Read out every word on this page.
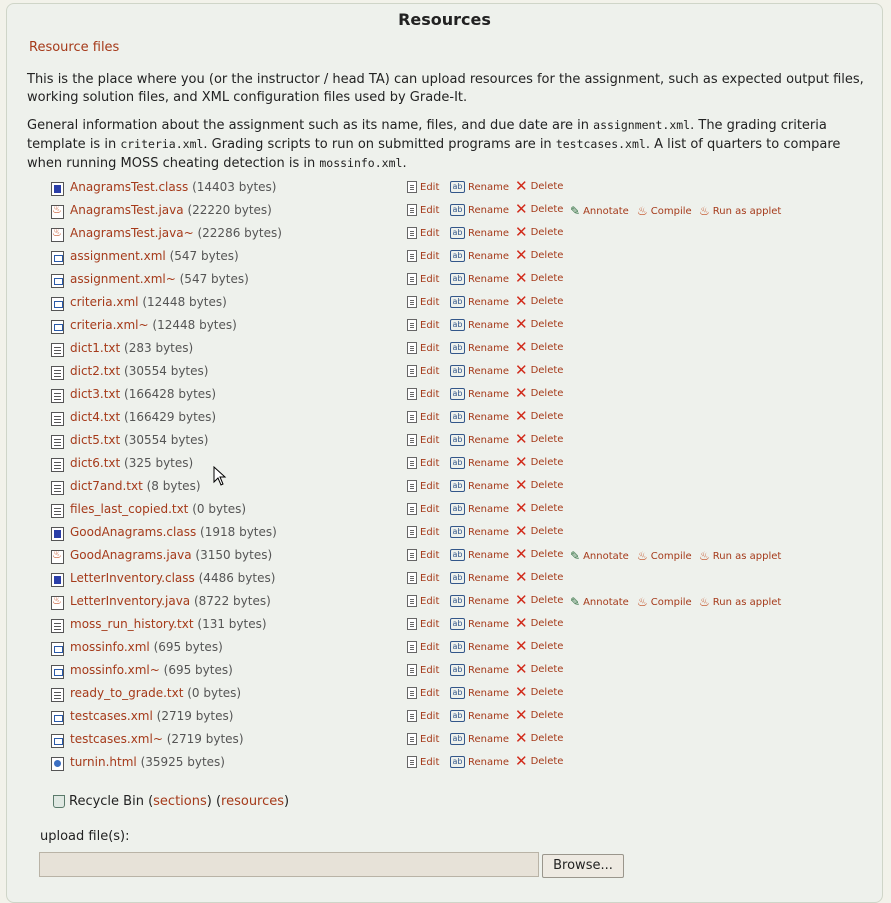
Resources
Resource files
This is the place where you (or the instructor / head TA) can upload resources for the assignment, such as expected output files, working solution files, and XML configuration files used by Grade-It.
General information about the assignment such as its name, files, and due date are in assignment.xml. The grading criteria template is in criteria.xml. Grading scripts to run on submitted programs are in testcases.xml. A list of quarters to compare when running MOSS cheating detection is in mossinfo.xml.
AnagramsTest.class (14403 bytes)	Edit	ab Rename ✕ Delete
♨
AnagramsTest.java (22220 bytes)	Edit	ab Rename ✕ Delete ✎ Annotate ♨ Compile ♨ Run as applet
♨
AnagramsTest.java~ (22286 bytes)	Edit	ab Rename ✕ Delete
assignment.xml (547 bytes)	Edit	ab Rename ✕ Delete
assignment.xml~ (547 bytes)	Edit	ab Rename ✕ Delete
criteria.xml (12448 bytes)	Edit	ab Rename ✕ Delete
criteria.xml~ (12448 bytes)	Edit	ab Rename ✕ Delete
dict1.txt (283 bytes)	Edit	ab Rename ✕ Delete
dict2.txt (30554 bytes)	Edit	ab Rename ✕ Delete
dict3.txt (166428 bytes)	Edit	ab Rename ✕ Delete
dict4.txt (166429 bytes)	Edit	ab Rename ✕ Delete
dict5.txt (30554 bytes)	Edit	ab Rename ✕ Delete
dict6.txt (325 bytes)	Edit	ab Rename ✕ Delete
dict7and.txt (8 bytes)	Edit	ab Rename ✕ Delete
files_last_copied.txt (0 bytes)	Edit	ab Rename ✕ Delete
GoodAnagrams.class (1918 bytes)	Edit	ab Rename ✕ Delete
♨
GoodAnagrams.java (3150 bytes)	Edit	ab Rename ✕ Delete ✎ Annotate ♨ Compile ♨ Run as applet
LetterInventory.class (4486 bytes)	Edit	ab Rename ✕ Delete
♨
LetterInventory.java (8722 bytes)	Edit	ab Rename ✕ Delete ✎ Annotate ♨ Compile ♨ Run as applet
moss_run_history.txt (131 bytes)	Edit	ab Rename ✕ Delete
mossinfo.xml (695 bytes)	Edit	ab Rename ✕ Delete
mossinfo.xml~ (695 bytes)	Edit	ab Rename ✕ Delete
ready_to_grade.txt (0 bytes)	Edit	ab Rename ✕ Delete
testcases.xml (2719 bytes)	Edit	ab Rename ✕ Delete
testcases.xml~ (2719 bytes)	Edit	ab Rename ✕ Delete
turnin.html (35925 bytes)	Edit	ab Rename ✕ Delete
Recycle Bin (sections) (resources)
upload file(s):
Browse...
